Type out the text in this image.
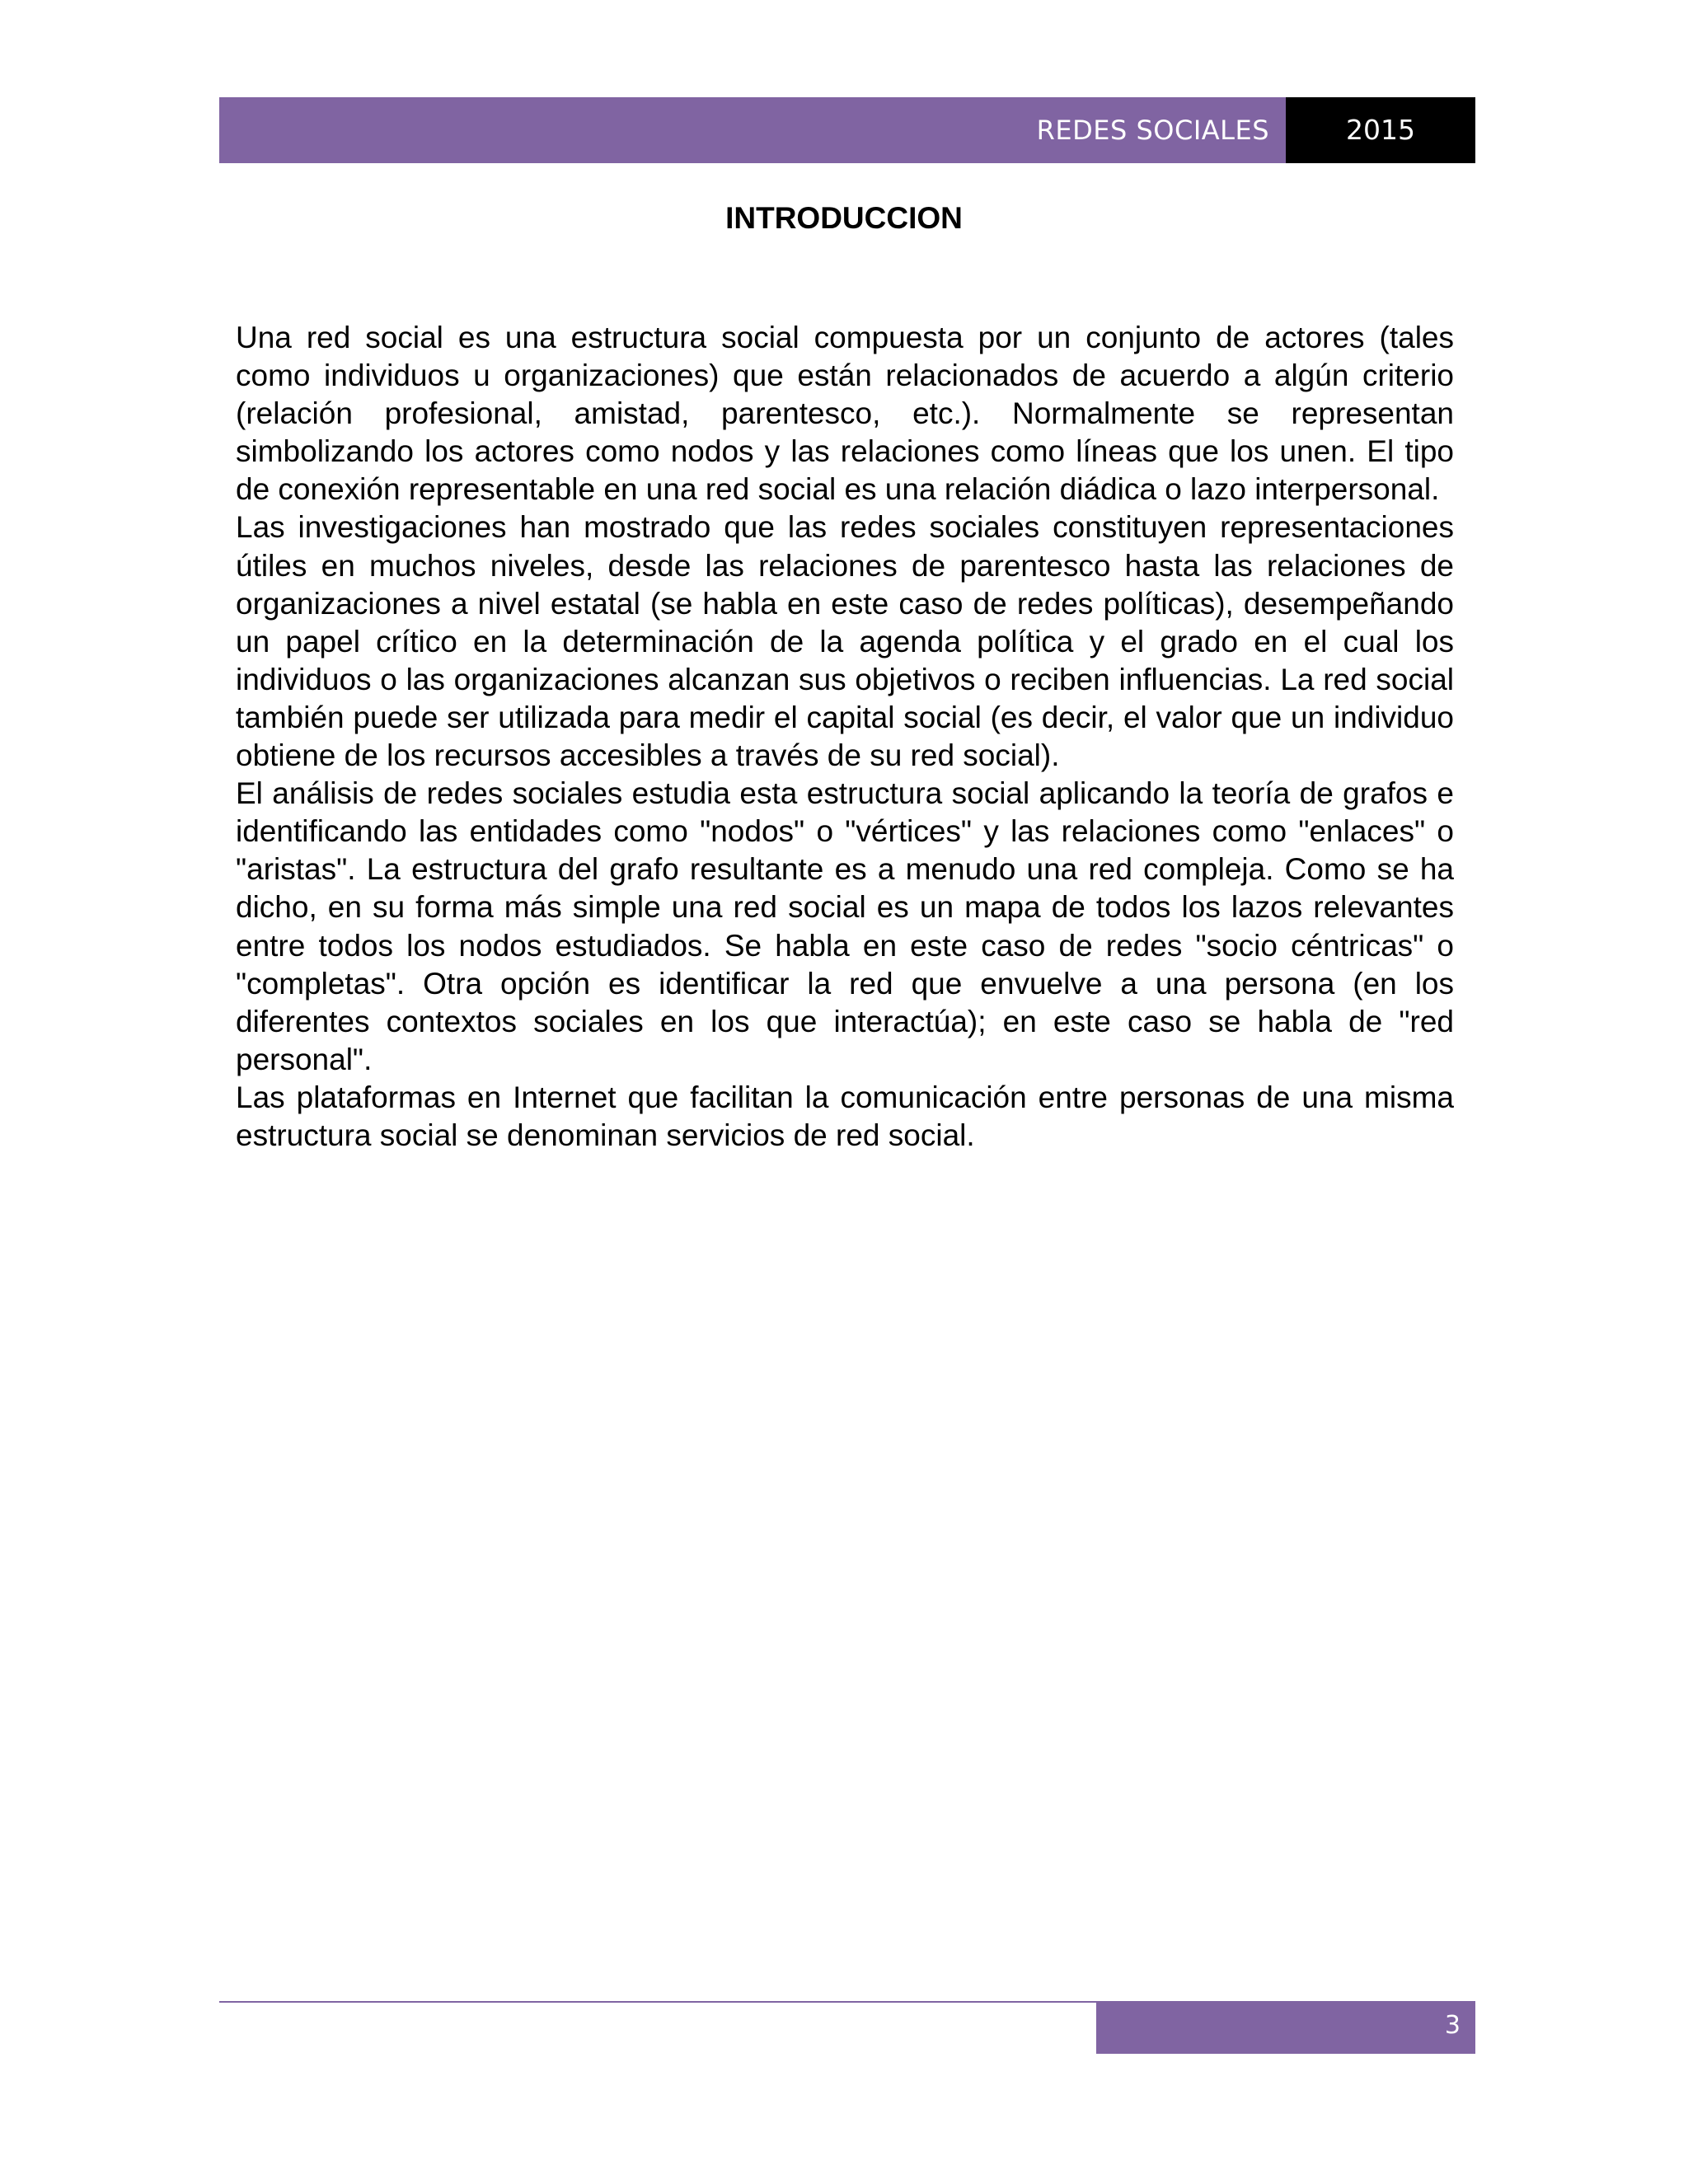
REDES SOCIALES	2015
INTRODUCCION

Una red social es una estructura social compuesta por un conjunto de actores (tales como individuos u organizaciones) que están relacionados de acuerdo a algún criterio (relación profesional, amistad, parentesco, etc.). Normalmente se representan simbolizando los actores como nodos y las relaciones como líneas que los unen. El tipo de conexión representable en una red social es una relación diádica o lazo interpersonal.

Las investigaciones han mostrado que las redes sociales constituyen representaciones útiles en muchos niveles, desde las relaciones de parentesco hasta las relaciones de organizaciones a nivel estatal (se habla en este caso de redes políticas), desempeñando un papel crítico en la determinación de la agenda política y el grado en el cual los individuos o las organizaciones alcanzan sus objetivos o reciben influencias. La red social también puede ser utilizada para medir el capital social (es decir, el valor que un individuo obtiene de los recursos accesibles a través de su red social).

El análisis de redes sociales estudia esta estructura social aplicando la teoría de grafos e identificando las entidades como "nodos" o "vértices" y las relaciones como "enlaces" o "aristas". La estructura del grafo resultante es a menudo una red compleja. Como se ha dicho, en su forma más simple una red social es un mapa de todos los lazos relevantes entre todos los nodos estudiados. Se habla en este caso de redes "socio céntricas" o "completas". Otra opción es identificar la red que envuelve a una persona (en los diferentes contextos sociales en los que interactúa); en este caso se habla de "red personal".

Las plataformas en Internet que facilitan la comunicación entre personas de una misma estructura social se denominan servicios de red social.

3
